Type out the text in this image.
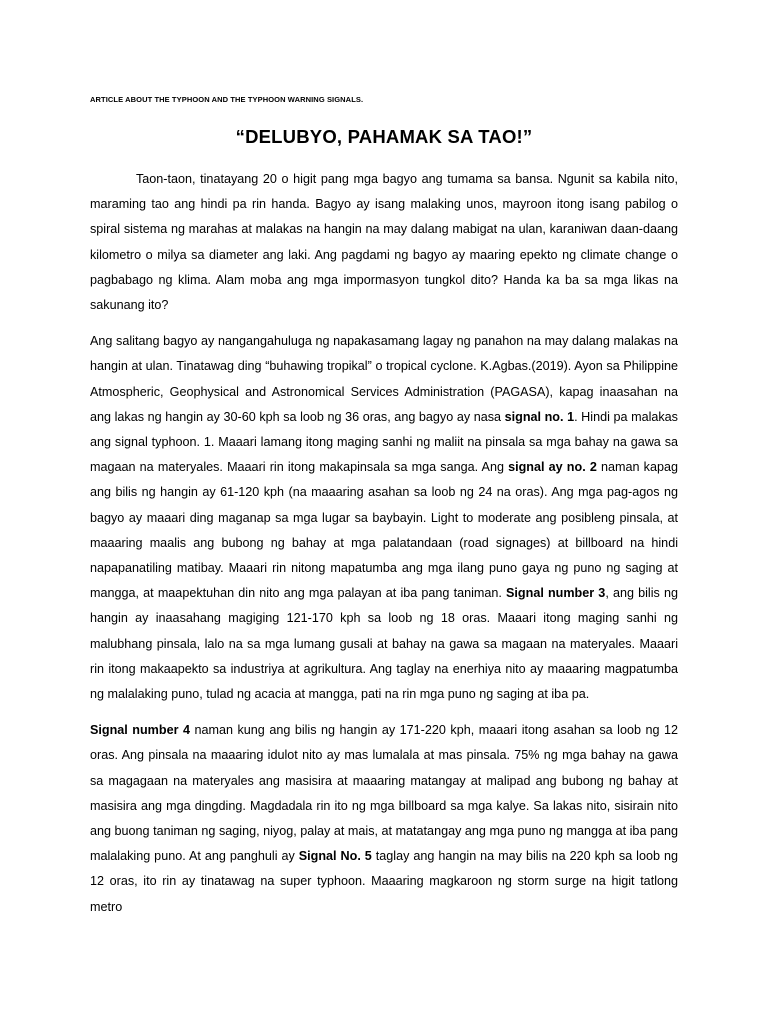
ARTICLE ABOUT THE TYPHOON AND THE TYPHOON WARNING SIGNALS.
“DELUBYO, PAHAMAK SA TAO!”

Taon-taon, tinatayang 20 o higit pang mga bagyo ang tumama sa bansa. Ngunit sa kabila nito, maraming tao ang hindi pa rin handa. Bagyo ay isang malaking unos, mayroon itong isang pabilog o spiral sistema ng marahas at malakas na hangin na may dalang mabigat na ulan, karaniwan daan-daang kilometro o milya sa diameter ang laki. Ang pagdami ng bagyo ay maaring epekto ng climate change o pagbabago ng klima. Alam moba ang mga impormasyon tungkol dito? Handa ka ba sa mga likas na sakunang ito?

Ang salitang bagyo ay nangangahuluga ng napakasamang lagay ng panahon na may dalang malakas na hangin at ulan. Tinatawag ding “buhawing tropikal” o tropical cyclone. K.Agbas.(2019). Ayon sa Philippine Atmospheric, Geophysical and Astronomical Services Administration (PAGASA), kapag inaasahan na ang lakas ng hangin ay 30-60 kph sa loob ng 36 oras, ang bagyo ay nasa signal no. 1. Hindi pa malakas ang signal typhoon. 1. Maaari lamang itong maging sanhi ng maliit na pinsala sa mga bahay na gawa sa magaan na materyales. Maaari rin itong makapinsala sa mga sanga. Ang signal ay no. 2 naman kapag ang bilis ng hangin ay 61-120 kph (na maaaring asahan sa loob ng 24 na oras). Ang mga pag-agos ng bagyo ay maaari ding maganap sa mga lugar sa baybayin. Light to moderate ang posibleng pinsala, at maaaring maalis ang bubong ng bahay at mga palatandaan (road signages) at billboard na hindi napapanatiling matibay. Maaari rin nitong mapatumba ang mga ilang puno gaya ng puno ng saging at mangga, at maapektuhan din nito ang mga palayan at iba pang taniman. Signal number 3, ang bilis ng hangin ay inaasahang magiging 121-170 kph sa loob ng 18 oras. Maaari itong maging sanhi ng malubhang pinsala, lalo na sa mga lumang gusali at bahay na gawa sa magaan na materyales. Maaari rin itong makaapekto sa industriya at agrikultura. Ang taglay na enerhiya nito ay maaaring magpatumba ng malalaking puno, tulad ng acacia at mangga, pati na rin mga puno ng saging at iba pa.

Signal number 4 naman kung ang bilis ng hangin ay 171-220 kph, maaari itong asahan sa loob ng 12 oras. Ang pinsala na maaaring idulot nito ay mas lumalala at mas pinsala. 75% ng mga bahay na gawa sa magagaan na materyales ang masisira at maaaring matangay at malipad ang bubong ng bahay at masisira ang mga dingding. Magdadala rin ito ng mga billboard sa mga kalye. Sa lakas nito, sisirain nito ang buong taniman ng saging, niyog, palay at mais, at matatangay ang mga puno ng mangga at iba pang malalaking puno. At ang panghuli ay Signal No. 5 taglay ang hangin na may bilis na 220 kph sa loob ng 12 oras, ito rin ay tinatawag na super typhoon. Maaaring magkaroon ng storm surge na higit tatlong metro
